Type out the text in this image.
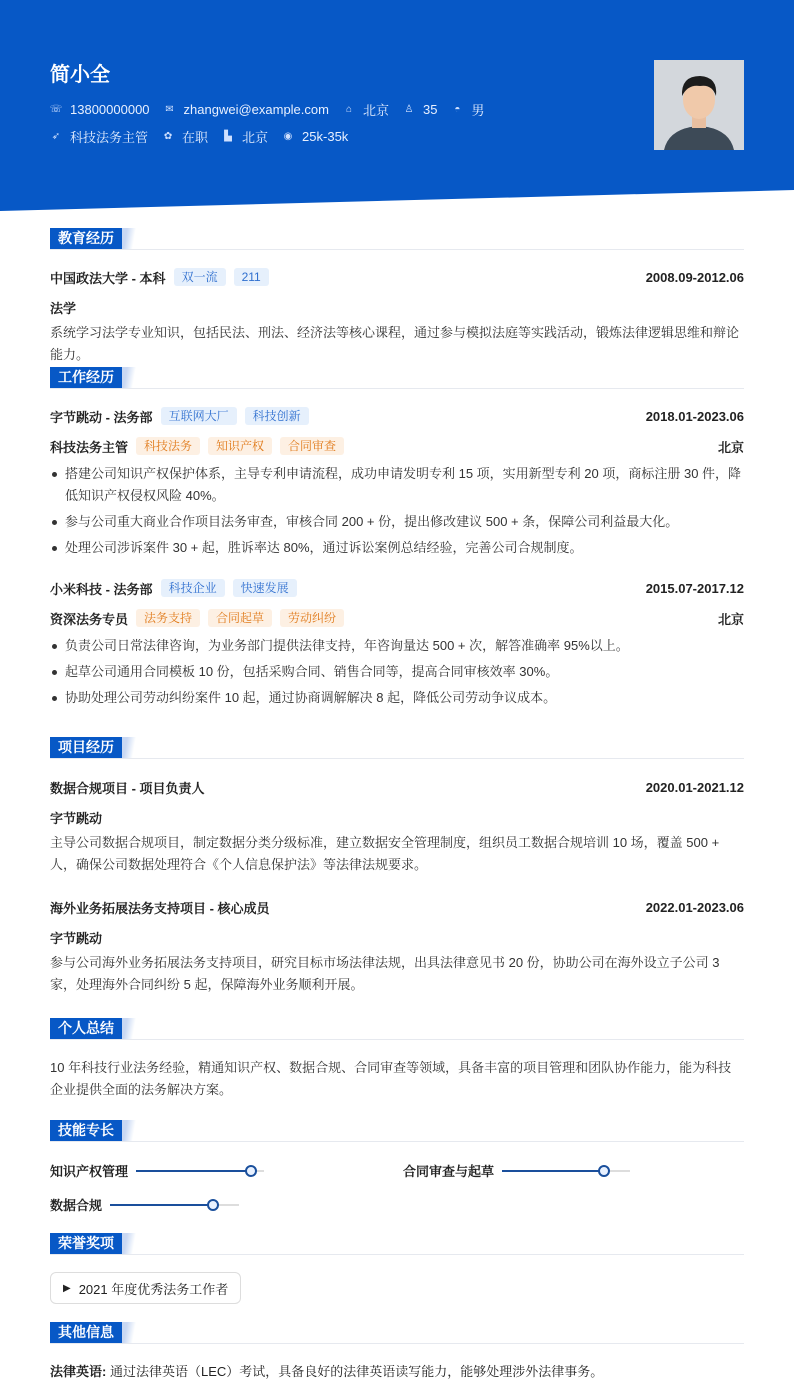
简小全
☏ 13800000000 ✉ zhangwei@example.com ⌂ 北京 ♙ 35 ◓ 男
➶ 科技法务主管 ✿ 在职 ▙ 北京 ◉ 25k-35k
教育经历
中国政法大学 - 本科	双一流	211	2008.09-2012.06
法学
系统学习法学专业知识，包括民法、刑法、经济法等核心课程，通过参与模拟法庭等实践活动，锻炼法律逻辑思维和辩论能力。
工作经历
字节跳动 - 法务部	互联网大厂	科技创新	2018.01-2023.06
科技法务主管	科技法务	知识产权	合同审查	北京
搭建公司知识产权保护体系，主导专利申请流程，成功申请发明专利 15 项，实用新型专利 20 项，商标注册 30 件，降低知识产权侵权风险 40%。
参与公司重大商业合作项目法务审查，审核合同 200 + 份，提出修改建议 500 + 条，保障公司利益最大化。
处理公司涉诉案件 30 + 起，胜诉率达 80%，通过诉讼案例总结经验，完善公司合规制度。
小米科技 - 法务部	科技企业	快速发展	2015.07-2017.12
资深法务专员	法务支持	合同起草	劳动纠纷	北京
负责公司日常法律咨询，为业务部门提供法律支持，年咨询量达 500 + 次，解答准确率 95%以上。
起草公司通用合同模板 10 份，包括采购合同、销售合同等，提高合同审核效率 30%。
协助处理公司劳动纠纷案件 10 起，通过协商调解解决 8 起，降低公司劳动争议成本。
项目经历
数据合规项目 - 项目负责人	2020.01-2021.12
字节跳动
主导公司数据合规项目，制定数据分类分级标准，建立数据安全管理制度，组织员工数据合规培训 10 场，覆盖 500 + 人，确保公司数据处理符合《个人信息保护法》等法律法规要求。
海外业务拓展法务支持项目 - 核心成员	2022.01-2023.06
字节跳动
参与公司海外业务拓展法务支持项目，研究目标市场法律法规，出具法律意见书 20 份，协助公司在海外设立子公司 3 家，处理海外合同纠纷 5 起，保障海外业务顺利开展。
个人总结
10 年科技行业法务经验，精通知识产权、数据合规、合同审查等领域，具备丰富的项目管理和团队协作能力，能为科技企业提供全面的法务解决方案。
技能专长
知识产权管理	合同审查与起草
数据合规
荣誉奖项
▶ 2021 年度优秀法务工作者
其他信息
法律英语: 通过法律英语（LEC）考试，具备良好的法律英语读写能力，能够处理涉外法律事务。
